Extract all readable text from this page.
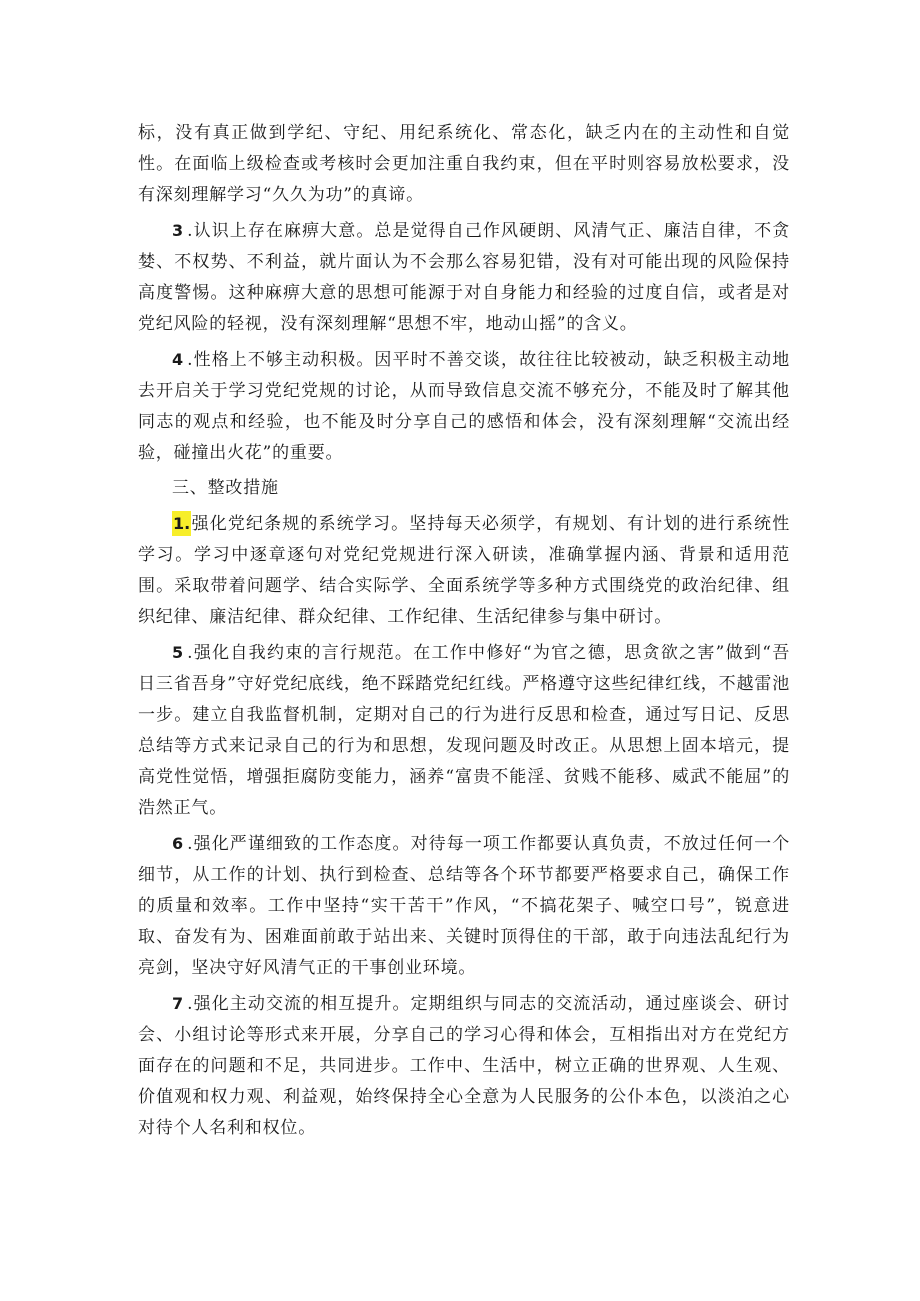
标，没有真正做到学纪、守纪、用纪系统化、常态化，缺乏内在的主动性和自觉性。在面临上级检查或考核时会更加注重自我约束，但在平时则容易放松要求，没有深刻理解学习“久久为功”的真谛。

3 .认识上存在麻痹大意。总是觉得自己作风硬朗、风清气正、廉洁自律，不贪婪、不权势、不利益，就片面认为不会那么容易犯错，没有对可能出现的风险保持高度警惕。这种麻痹大意的思想可能源于对自身能力和经验的过度自信，或者是对党纪风险的轻视，没有深刻理解“思想不牢，地动山摇”的含义。

4 .性格上不够主动积极。因平时不善交谈，故往往比较被动，缺乏积极主动地去开启关于学习党纪党规的讨论，从而导致信息交流不够充分，不能及时了解其他同志的观点和经验，也不能及时分享自己的感悟和体会，没有深刻理解“交流出经验，碰撞出火花”的重要。

三、整改措施

1.强化党纪条规的系统学习。坚持每天必须学，有规划、有计划的进行系统性学习。学习中逐章逐句对党纪党规进行深入研读，准确掌握内涵、背景和适用范围。采取带着问题学、结合实际学、全面系统学等多种方式围绕党的政治纪律、组织纪律、廉洁纪律、群众纪律、工作纪律、生活纪律参与集中研讨。

5 .强化自我约束的言行规范。在工作中修好“为官之德，思贪欲之害”做到“吾日三省吾身”守好党纪底线，绝不踩踏党纪红线。严格遵守这些纪律红线，不越雷池一步。建立自我监督机制，定期对自己的行为进行反思和检查，通过写日记、反思总结等方式来记录自己的行为和思想，发现问题及时改正。从思想上固本培元，提高党性觉悟，增强拒腐防变能力，涵养“富贵不能淫、贫贱不能移、威武不能屈”的浩然正气。

6 .强化严谨细致的工作态度。对待每一项工作都要认真负责，不放过任何一个细节，从工作的计划、执行到检查、总结等各个环节都要严格要求自己，确保工作的质量和效率。工作中坚持“实干苦干”作风，“不搞花架子、喊空口号”，锐意进取、奋发有为、困难面前敢于站出来、关键时顶得住的干部，敢于向违法乱纪行为亮剑，坚决守好风清气正的干事创业环境。

7 .强化主动交流的相互提升。定期组织与同志的交流活动，通过座谈会、研讨会、小组讨论等形式来开展，分享自己的学习心得和体会，互相指出对方在党纪方面存在的问题和不足，共同进步。工作中、生活中，树立正确的世界观、人生观、价值观和权力观、利益观，始终保持全心全意为人民服务的公仆本色，以淡泊之心对待个人名利和权位。
